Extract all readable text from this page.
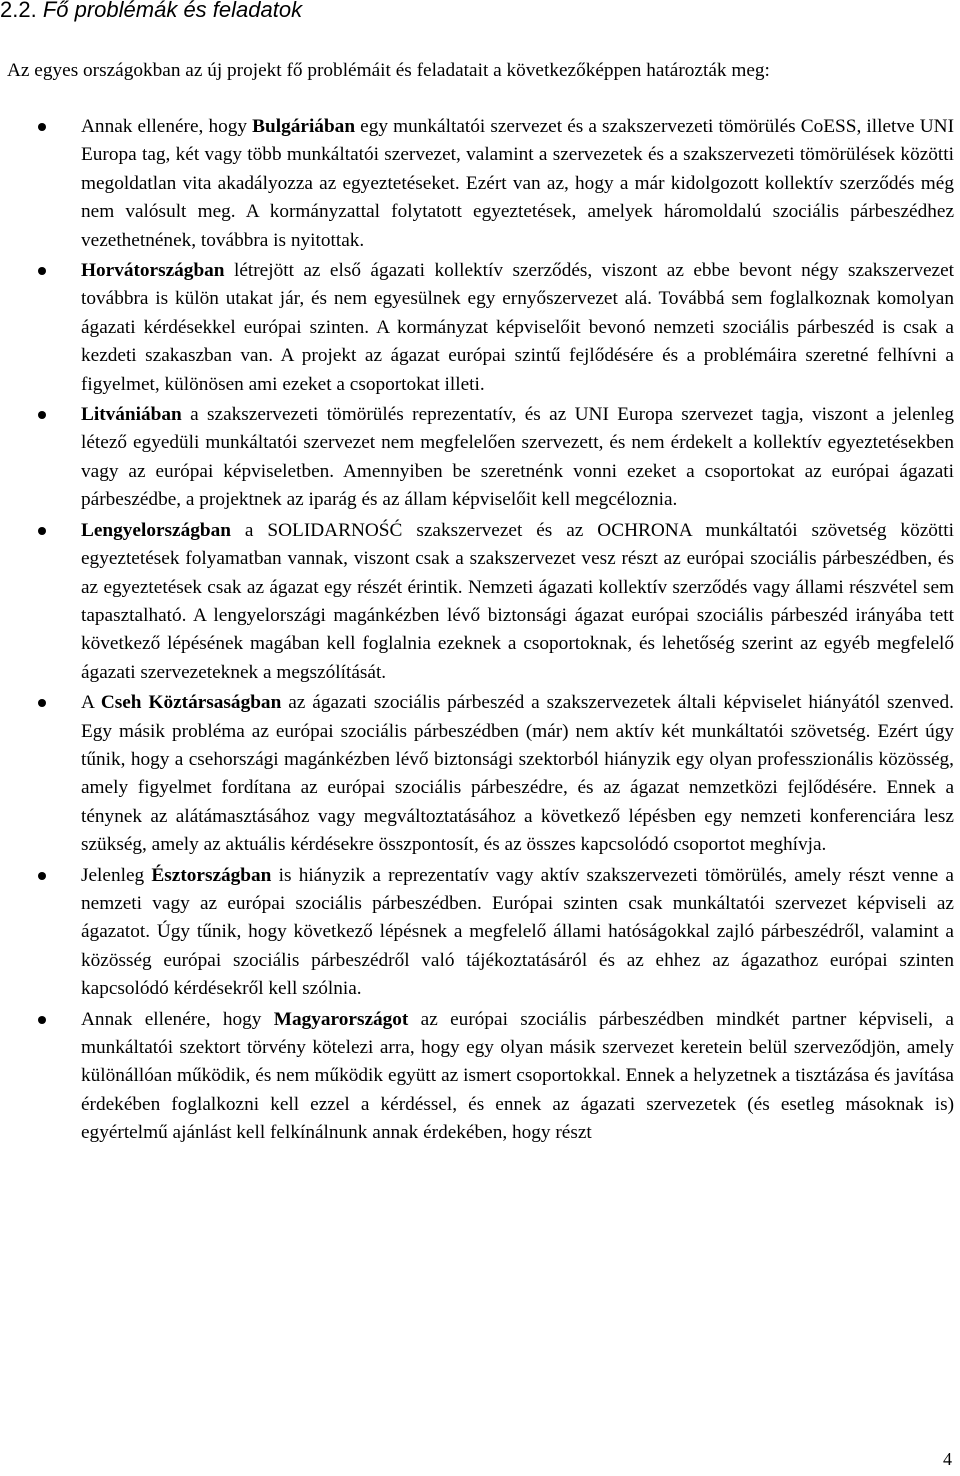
2.2. Fő problémák és feladatok

Az egyes országokban az új projekt fő problémáit és feladatait a következőképpen határozták meg:

Annak ellenére, hogy Bulgáriában egy munkáltatói szervezet és a szakszervezeti tömörülés CoESS, illetve UNI Europa tag, két vagy több munkáltatói szervezet, valamint a szervezetek és a szakszervezeti tömörülések közötti megoldatlan vita akadályozza az egyeztetéseket. Ezért van az, hogy a már kidolgozott kollektív szerződés még nem valósult meg. A kormányzattal folytatott egyeztetések, amelyek háromoldalú szociális párbeszédhez vezethetnének, továbbra is nyitottak.
Horvátországban létrejött az első ágazati kollektív szerződés, viszont az ebbe bevont négy szakszervezet továbbra is külön utakat jár, és nem egyesülnek egy ernyőszervezet alá. Továbbá sem foglalkoznak komolyan ágazati kérdésekkel európai szinten. A kormányzat képviselőit bevonó nemzeti szociális párbeszéd is csak a kezdeti szakaszban van. A projekt az ágazat európai szintű fejlődésére és a problémáira szeretné felhívni a figyelmet, különösen ami ezeket a csoportokat illeti.
Litvániában a szakszervezeti tömörülés reprezentatív, és az UNI Europa szervezet tagja, viszont a jelenleg létező egyedüli munkáltatói szervezet nem megfelelően szervezett, és nem érdekelt a kollektív egyeztetésekben vagy az európai képviseletben. Amennyiben be szeretnénk vonni ezeket a csoportokat az európai ágazati párbeszédbe, a projektnek az iparág és az állam képviselőit kell megcéloznia.
Lengyelországban a SOLIDARNOŚĆ szakszervezet és az OCHRONA munkáltatói szövetség közötti egyeztetések folyamatban vannak, viszont csak a szakszervezet vesz részt az európai szociális párbeszédben, és az egyeztetések csak az ágazat egy részét érintik. Nemzeti ágazati kollektív szerződés vagy állami részvétel sem tapasztalható. A lengyelországi magánkézben lévő biztonsági ágazat európai szociális párbeszéd irányába tett következő lépésének magában kell foglalnia ezeknek a csoportoknak, és lehetőség szerint az egyéb megfelelő ágazati szervezeteknek a megszólítását.
A Cseh Köztársaságban az ágazati szociális párbeszéd a szakszervezetek általi képviselet hiányától szenved. Egy másik probléma az európai szociális párbeszédben (már) nem aktív két munkáltatói szövetség. Ezért úgy tűnik, hogy a csehországi magánkézben lévő biztonsági szektorból hiányzik egy olyan professzionális közösség, amely figyelmet fordítana az európai szociális párbeszédre, és az ágazat nemzetközi fejlődésére. Ennek a ténynek az alátámasztásához vagy megváltoztatásához a következő lépésben egy nemzeti konferenciára lesz szükség, amely az aktuális kérdésekre összpontosít, és az összes kapcsolódó csoportot meghívja.
Jelenleg Észtországban is hiányzik a reprezentatív vagy aktív szakszervezeti tömörülés, amely részt venne a nemzeti vagy az európai szociális párbeszédben. Európai szinten csak munkáltatói szervezet képviseli az ágazatot. Úgy tűnik, hogy következő lépésnek a megfelelő állami hatóságokkal zajló párbeszédről, valamint a közösség európai szociális párbeszédről való tájékoztatásáról és az ehhez az ágazathoz európai szinten kapcsolódó kérdésekről kell szólnia.
Annak ellenére, hogy Magyarországot az európai szociális párbeszédben mindkét partner képviseli, a munkáltatói szektort törvény kötelezi arra, hogy egy olyan másik szervezet keretein belül szerveződjön, amely különállóan működik, és nem működik együtt az ismert csoportokkal. Ennek a helyzetnek a tisztázása és javítása érdekében foglalkozni kell ezzel a kérdéssel, és ennek az ágazati szervezetek (és esetleg másoknak is) egyértelmű ajánlást kell felkínálnunk annak érdekében, hogy részt
4
